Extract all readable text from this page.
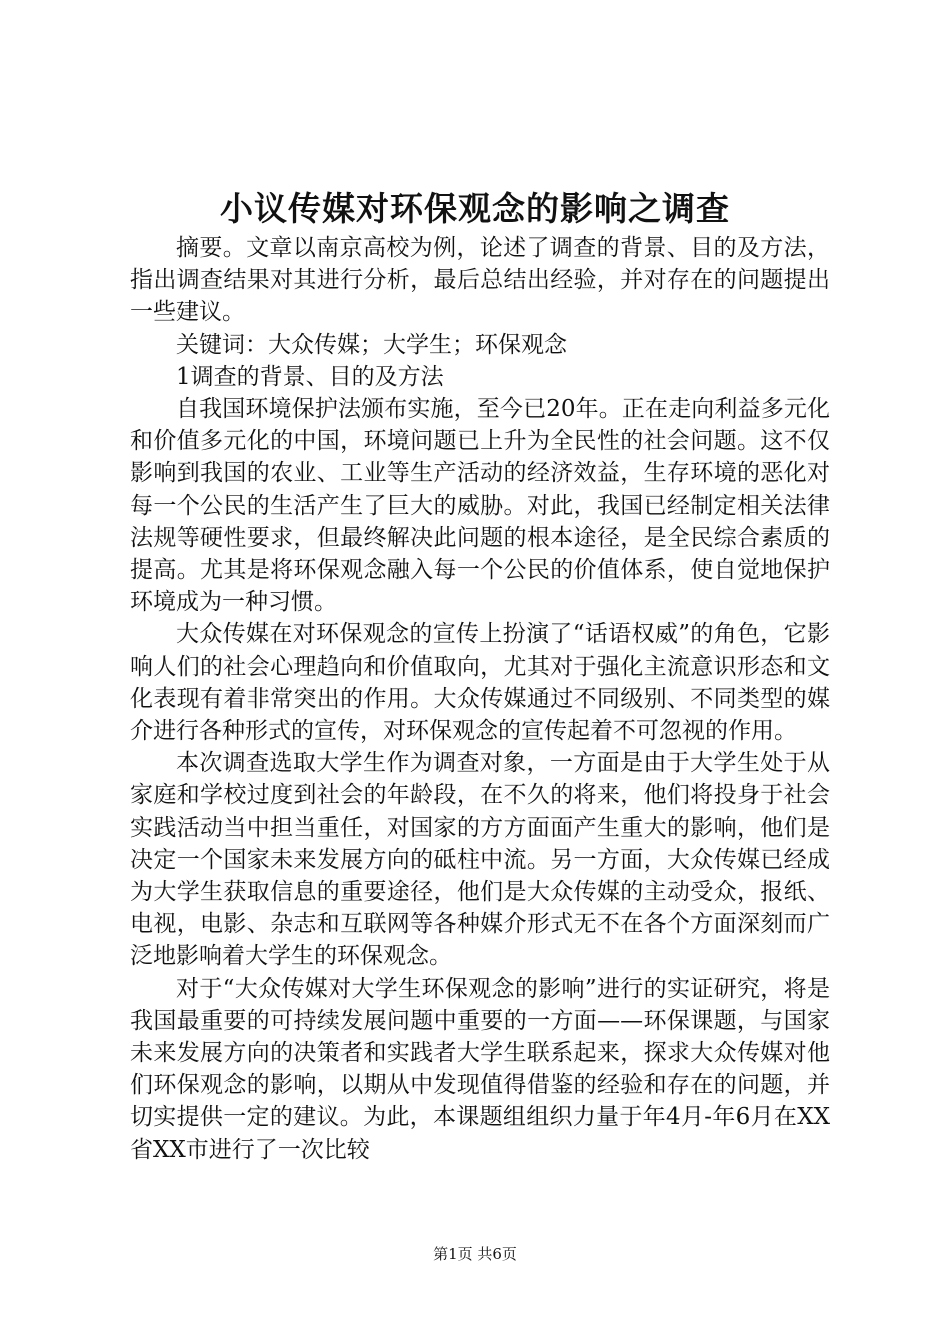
小议传媒对环保观念的影响之调查

摘要。文章以南京高校为例，论述了调查的背景、目的及方法，指出调查结果对其进行分析，最后总结出经验，并对存在的问题提出一些建议。

关键词：大众传媒；大学生；环保观念

1调查的背景、目的及方法

自我国环境保护法颁布实施，至今已20年。正在走向利益多元化和价值多元化的中国，环境问题已上升为全民性的社会问题。这不仅影响到我国的农业、工业等生产活动的经济效益，生存环境的恶化对每一个公民的生活产生了巨大的威胁。对此，我国已经制定相关法律法规等硬性要求，但最终解决此问题的根本途径，是全民综合素质的提高。尤其是将环保观念融入每一个公民的价值体系，使自觉地保护环境成为一种习惯。

大众传媒在对环保观念的宣传上扮演了“话语权威”的角色，它影响人们的社会心理趋向和价值取向，尤其对于强化主流意识形态和文化表现有着非常突出的作用。大众传媒通过不同级别、不同类型的媒介进行各种形式的宣传，对环保观念的宣传起着不可忽视的作用。

本次调查选取大学生作为调查对象，一方面是由于大学生处于从家庭和学校过度到社会的年龄段，在不久的将来，他们将投身于社会实践活动当中担当重任，对国家的方方面面产生重大的影响，他们是决定一个国家未来发展方向的砥柱中流。另一方面，大众传媒已经成为大学生获取信息的重要途径，他们是大众传媒的主动受众，报纸、电视，电影、杂志和互联网等各种媒介形式无不在各个方面深刻而广泛地影响着大学生的环保观念。

对于“大众传媒对大学生环保观念的影响”进行的实证研究，将是我国最重要的可持续发展问题中重要的一方面——环保课题，与国家未来发展方向的决策者和实践者大学生联系起来，探求大众传媒对他们环保观念的影响，以期从中发现值得借鉴的经验和存在的问题，并切实提供一定的建议。为此，本课题组组织力量于年4月-年6月在XX省XX市进行了一次比较

第1页 共6页
